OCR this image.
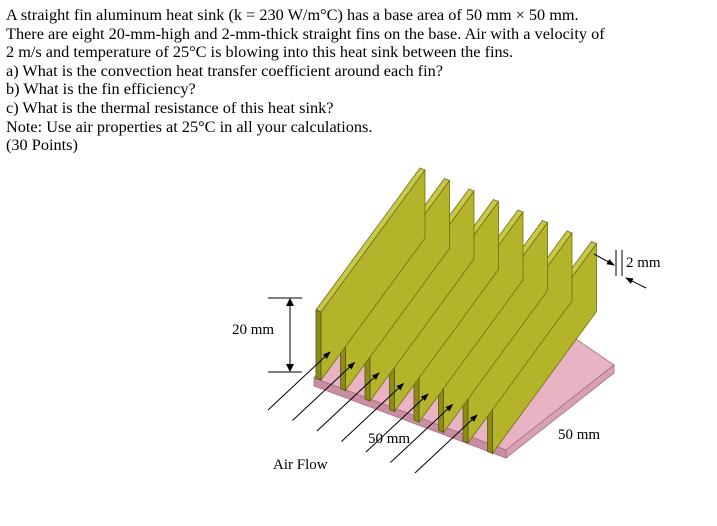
A straight fin aluminum heat sink (k = 230 W/m°C) has a base area of 50 mm × 50 mm.
There are eight 20-mm-high and 2-mm-thick straight fins on the base. Air with a velocity of
2 m/s and temperature of 25°C is blowing into this heat sink between the fins.
a) What is the convection heat transfer coefficient around each fin?
b) What is the fin efficiency?
c) What is the thermal resistance of this heat sink?
Note: Use air properties at 25°C in all your calculations.
(30 Points)
20 mm
2 mm
50 mm	50 mm
Air Flow
